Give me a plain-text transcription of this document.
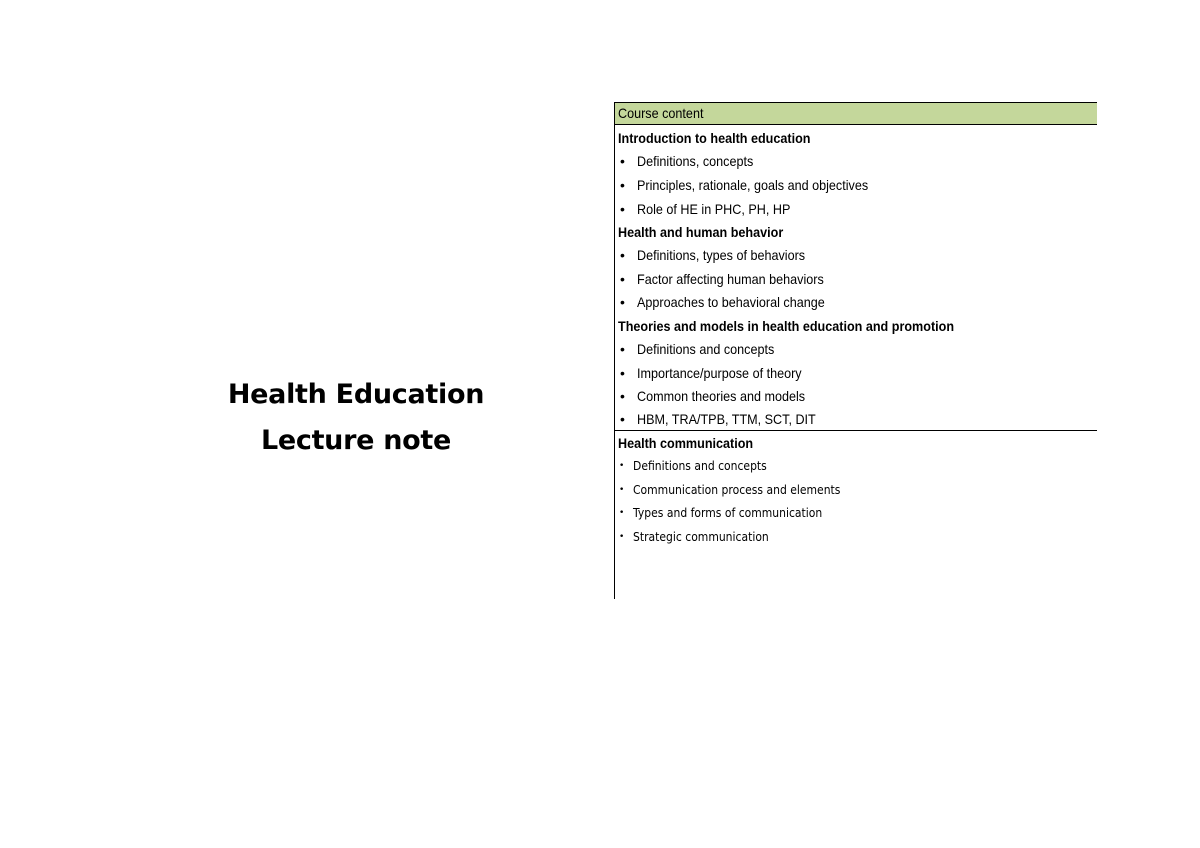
Health Education
Lecture note
Course content
Introduction to health education
• Definitions, concepts
• Principles, rationale, goals and objectives
• Role of HE in PHC, PH, HP
Health and human behavior
• Definitions, types of behaviors
• Factor affecting human behaviors
• Approaches to behavioral change
Theories and models in health education and promotion
• Definitions and concepts
• Importance/purpose of theory
• Common theories and models
• HBM, TRA/TPB, TTM, SCT, DIT
Health communication
• Definitions and concepts
• Communication process and elements
• Types and forms of communication
• Strategic communication
